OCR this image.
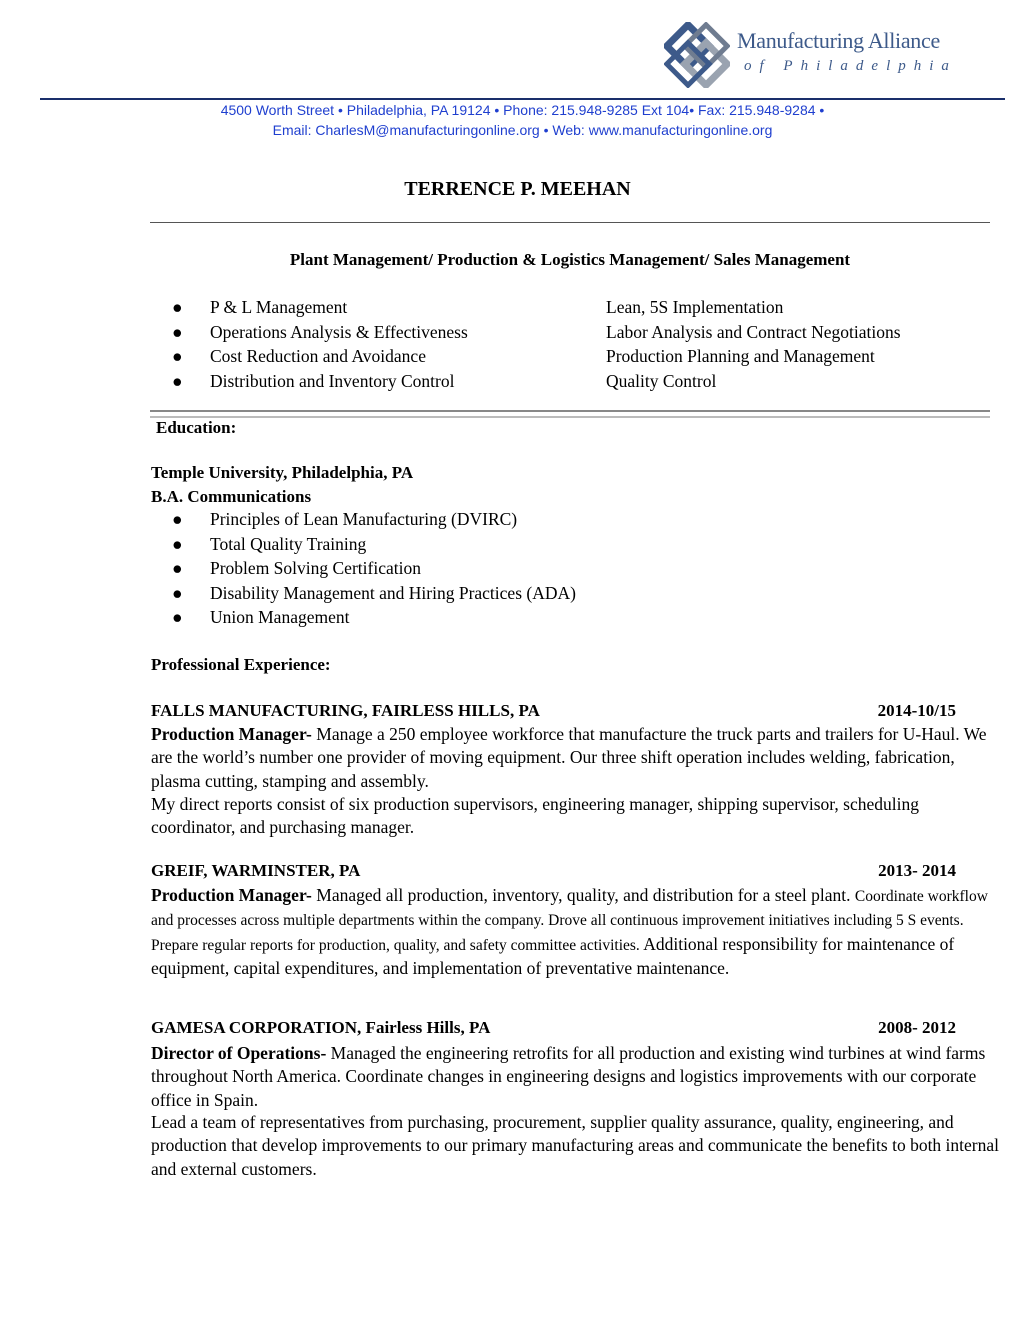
Manufacturing Alliance
of Philadelphia
4500 Worth Street • Philadelphia, PA 19124 • Phone: 215.948-9285 Ext 104• Fax: 215.948-9284 •
Email: CharlesM@manufacturingonline.org • Web: www.manufacturingonline.org
TERRENCE P. MEEHAN
Plant Management/ Production & Logistics Management/ Sales Management
● P & L Management	Lean, 5S Implementation
● Operations Analysis & Effectiveness	Labor Analysis and Contract Negotiations
● Cost Reduction and Avoidance	Production Planning and Management
● Distribution and Inventory Control	Quality Control
Education:
Temple University, Philadelphia, PA
B.A. Communications
● Principles of Lean Manufacturing (DVIRC)
● Total Quality Training
● Problem Solving Certification
● Disability Management and Hiring Practices (ADA)
● Union Management
Professional Experience:
FALLS MANUFACTURING, FAIRLESS HILLS, PA	2014-10/15
Production Manager- Manage a 250 employee workforce that manufacture the truck parts and trailers for U-Haul. We are the world’s number one provider of moving equipment. Our three shift operation includes welding, fabrication, plasma cutting, stamping and assembly.
My direct reports consist of six production supervisors, engineering manager, shipping supervisor, scheduling coordinator, and purchasing manager.
GREIF, WARMINSTER, PA	2013- 2014
Production Manager- Managed all production, inventory, quality, and distribution for a steel plant. Coordinate workflow and processes across multiple departments within the company. Drove all continuous improvement initiatives including 5 S events. Prepare regular reports for production, quality, and safety committee activities. Additional responsibility for maintenance of equipment, capital expenditures, and implementation of preventative maintenance.
GAMESA CORPORATION, Fairless Hills, PA	2008- 2012
Director of Operations- Managed the engineering retrofits for all production and existing wind turbines at wind farms throughout North America. Coordinate changes in engineering designs and logistics improvements with our corporate office in Spain.
Lead a team of representatives from purchasing, procurement, supplier quality assurance, quality, engineering, and production that develop improvements to our primary manufacturing areas and communicate the benefits to both internal and external customers.
